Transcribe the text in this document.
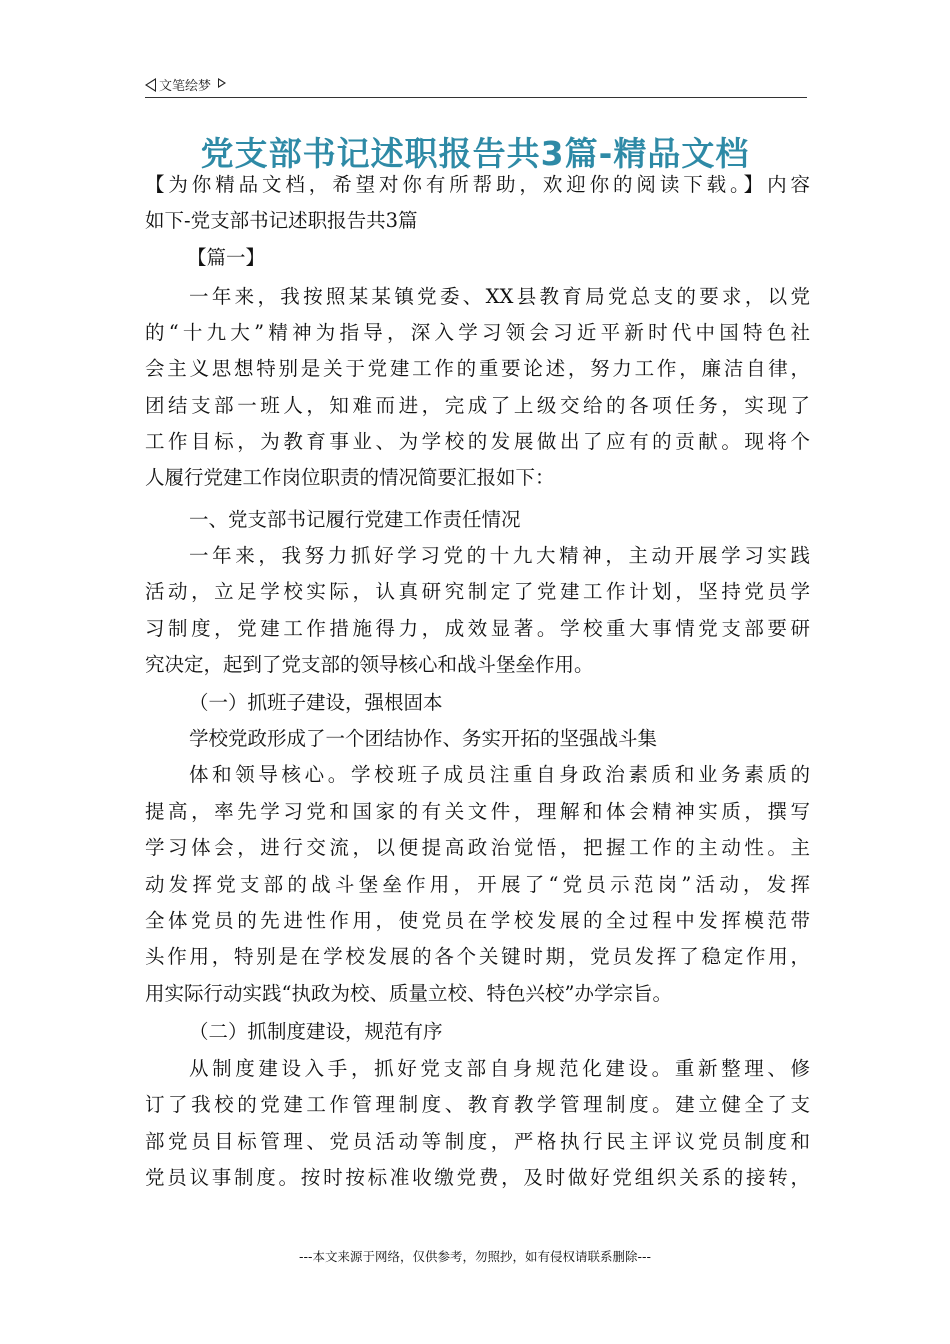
文笔绘梦
党支部书记述职报告共3篇-精品文档
【为你精品文档，希望对你有所帮助，欢迎你的阅读下载。】内容
如下-党支部书记述职报告共3篇
【篇一】
一年来，我按照某某镇党委、XX县教育局党总支的要求，以党
的“十九大”精神为指导，深入学习领会习近平新时代中国特色社
会主义思想特别是关于党建工作的重要论述，努力工作，廉洁自律，
团结支部一班人，知难而进，完成了上级交给的各项任务，实现了
工作目标，为教育事业、为学校的发展做出了应有的贡献。现将个
人履行党建工作岗位职责的情况简要汇报如下：
一、党支部书记履行党建工作责任情况
一年来，我努力抓好学习党的十九大精神，主动开展学习实践
活动，立足学校实际，认真研究制定了党建工作计划，坚持党员学
习制度，党建工作措施得力，成效显著。学校重大事情党支部要研
究决定，起到了党支部的领导核心和战斗堡垒作用。
（一）抓班子建设，强根固本
学校党政形成了一个团结协作、务实开拓的坚强战斗集
体和领导核心。学校班子成员注重自身政治素质和业务素质的
提高，率先学习党和国家的有关文件，理解和体会精神实质，撰写
学习体会，进行交流，以便提高政治觉悟，把握工作的主动性。主
动发挥党支部的战斗堡垒作用，开展了“党员示范岗”活动，发挥
全体党员的先进性作用，使党员在学校发展的全过程中发挥模范带
头作用，特别是在学校发展的各个关键时期，党员发挥了稳定作用，
用实际行动实践“执政为校、质量立校、特色兴校”办学宗旨。
（二）抓制度建设，规范有序
从制度建设入手，抓好党支部自身规范化建设。重新整理、修
订了我校的党建工作管理制度、教育教学管理制度。建立健全了支
部党员目标管理、党员活动等制度，严格执行民主评议党员制度和
党员议事制度。按时按标准收缴党费，及时做好党组织关系的接转，
---本文来源于网络，仅供参考，勿照抄，如有侵权请联系删除---
